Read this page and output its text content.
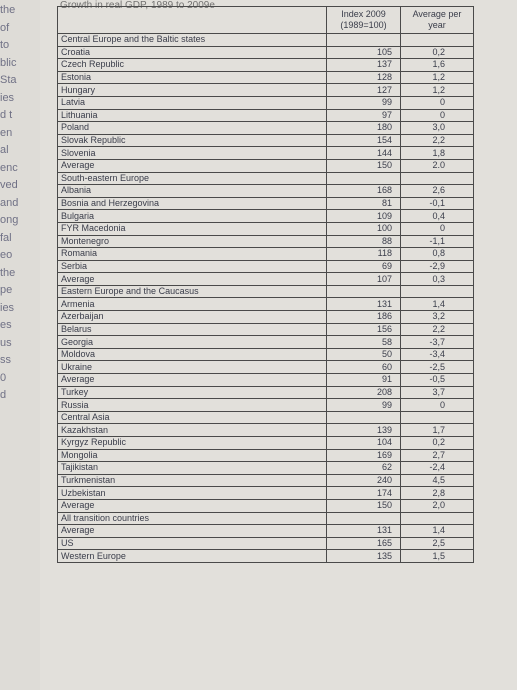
the
of
to
blic
Sta
ies
d t
en
al
enc
ved
and
ong
fal
eo
the
pe
ies
es
us
ss
0
d
Growth in real GDP, 1989 to 2009e
	Index 2009 (1989=100)	Average per year
Central Europe and the Baltic states		
Croatia	105	0,2
Czech Republic	137	1,6
Estonia	128	1,2
Hungary	127	1,2
Latvia	99	0
Lithuania	97	0
Poland	180	3,0
Slovak Republic	154	2,2
Slovenia	144	1,8
Average	150	2.0
South-eastern Europe		
Albania	168	2,6
Bosnia and Herzegovina	81	-0,1
Bulgaria	109	0,4
FYR Macedonia	100	0
Montenegro	88	-1,1
Romania	118	0,8
Serbia	69	-2,9
Average	107	0,3
Eastern Europe and the Caucasus		
Armenia	131	1,4
Azerbaijan	186	3,2
Belarus	156	2,2
Georgia	58	-3,7
Moldova	50	-3,4
Ukraine	60	-2,5
Average	91	-0,5
Turkey	208	3,7
Russia	99	0
Central Asia		
Kazakhstan	139	1,7
Kyrgyz Republic	104	0,2
Mongolia	169	2,7
Tajikistan	62	-2,4
Turkmenistan	240	4,5
Uzbekistan	174	2,8
Average	150	2,0
All transition countries		
Average	131	1,4
US	165	2,5
Western Europe	135	1,5
